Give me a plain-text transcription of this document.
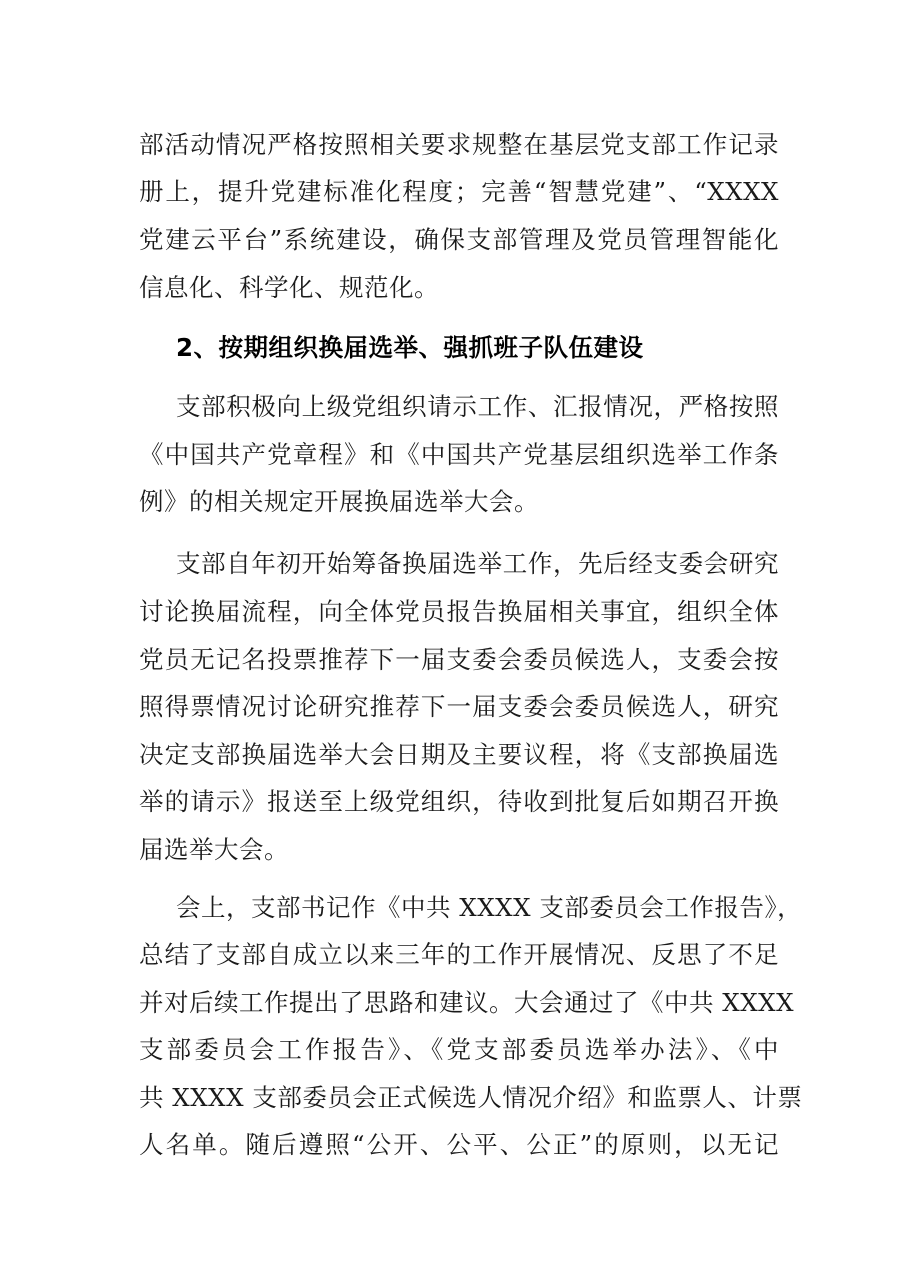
部活动情况严格按照相关要求规整在基层党支部工作记录
册上，提升党建标准化程度；完善“智慧党建”、“XXXX
党建云平台”系统建设，确保支部管理及党员管理智能化
信息化、科学化、规范化。
2、按期组织换届选举、强抓班子队伍建设
支部积极向上级党组织请示工作、汇报情况，严格按照
《中国共产党章程》和《中国共产党基层组织选举工作条
例》的相关规定开展换届选举大会。
支部自年初开始筹备换届选举工作，先后经支委会研究
讨论换届流程，向全体党员报告换届相关事宜，组织全体
党员无记名投票推荐下一届支委会委员候选人，支委会按
照得票情况讨论研究推荐下一届支委会委员候选人，研究
决定支部换届选举大会日期及主要议程，将《支部换届选
举的请示》报送至上级党组织，待收到批复后如期召开换
届选举大会。
会上，支部书记作《中共 XXXX 支部委员会工作报告》，
总结了支部自成立以来三年的工作开展情况、反思了不足
并对后续工作提出了思路和建议。大会通过了《中共 XXXX
支部委员会工作报告》、《党支部委员选举办法》、《中
共 XXXX 支部委员会正式候选人情况介绍》和监票人、计票
人名单。随后遵照“公开、公平、公正”的原则，以无记
